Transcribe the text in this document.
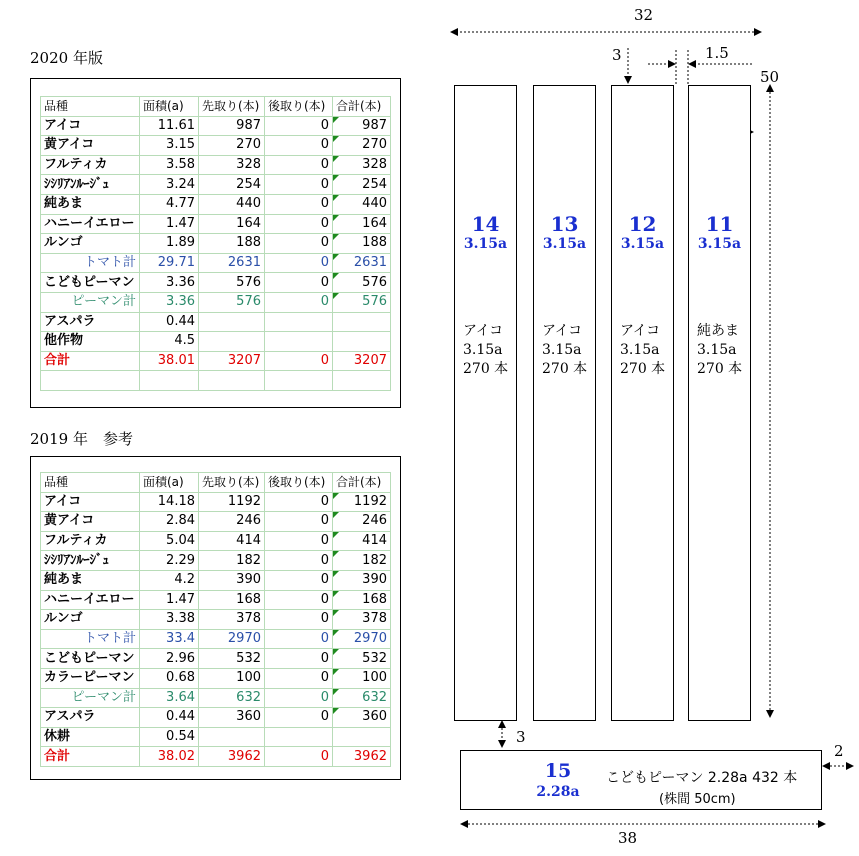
2020 年版
2019 年　参考
品種	面積(a)	先取り(本)	後取り(本)	合計(本)
アイコ	11.61	987	0	987
黄アイコ	3.15	270	0	270
フルティカ	3.58	328	0	328
ｼｼﾘｱﾝﾙｰｼﾞｭ	3.24	254	0	254
純あま	4.77	440	0	440
ハニーイエロー	1.47	164	0	164
ルンゴ	1.89	188	0	188
トマト計	29.71	2631	0	2631
こどもピーマン	3.36	576	0	576
ピーマン計	3.36	576	0	576
アスパラ	0.44			
他作物	4.5			
合計	38.01	3207	0	3207

品種	面積(a)	先取り(本)	後取り(本)	合計(本)
アイコ	14.18	1192	0	1192
黄アイコ	2.84	246	0	246
フルティカ	5.04	414	0	414
ｼｼﾘｱﾝﾙｰｼﾞｭ	2.29	182	0	182
純あま	4.2	390	0	390
ハニーイエロー	1.47	168	0	168
ルンゴ	3.38	378	0	378
トマト計	33.4	2970	0	2970
こどもピーマン	2.96	532	0	532
カラーピーマン	0.68	100	0	100
ピーマン計	3.64	632	0	632
アスパラ	0.44	360	0	360
休耕	0.54			
合計	38.02	3962	0	3962
32
3	1.5
50
3
2
38
14
3.15a
アイコ
3.15a
270 本
13
3.15a
アイコ
3.15a
270 本
12
3.15a
アイコ
3.15a
270 本
11
3.15a
純あま
3.15a
270 本
15
2.28a
こどもピーマン 2.28a 432 本
(株間 50cm)
